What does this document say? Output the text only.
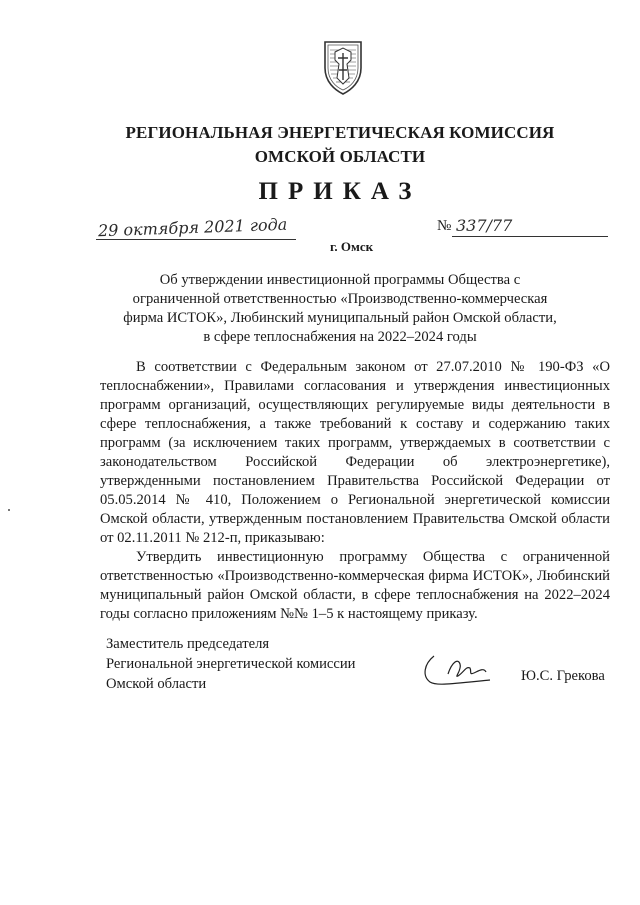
РЕГИОНАЛЬНАЯ ЭНЕРГЕТИЧЕСКАЯ КОМИССИЯ
ОМСКОЙ ОБЛАСТИ
ПРИКАЗ
29 октября 2021 года
г. Омск
№ 337/77
Об утверждении инвестиционной программы Общества с ограниченной ответственностью «Производственно-коммерческая фирма ИСТОК», Любинский муниципальный район Омской области, в сфере теплоснабжения на 2022–2024 годы

В соответствии с Федеральным законом от 27.07.2010 № 190-ФЗ «О теплоснабжении», Правилами согласования и утверждения инвестиционных программ организаций, осуществляющих регулируемые виды деятельности в сфере теплоснабжения, а также требований к составу и содержанию таких программ (за исключением таких программ, утверждаемых в соответствии с законодательством Российской Федерации об электроэнергетике), утвержденными постановлением Правительства Российской Федерации от 05.05.2014 № 410, Положением о Региональной энергетической комиссии Омской области, утвержденным постановлением Правительства Омской области от 02.11.2011 № 212-п, приказываю:

Утвердить инвестиционную программу Общества с ограниченной ответственностью «Производственно-коммерческая фирма ИСТОК», Любинский муниципальный район Омской области, в сфере теплоснабжения на 2022–2024 годы согласно приложениям №№ 1–5 к настоящему приказу.

Заместитель председателя
Региональной энергетической комиссии
Омской области	Ю.С. Грекова
